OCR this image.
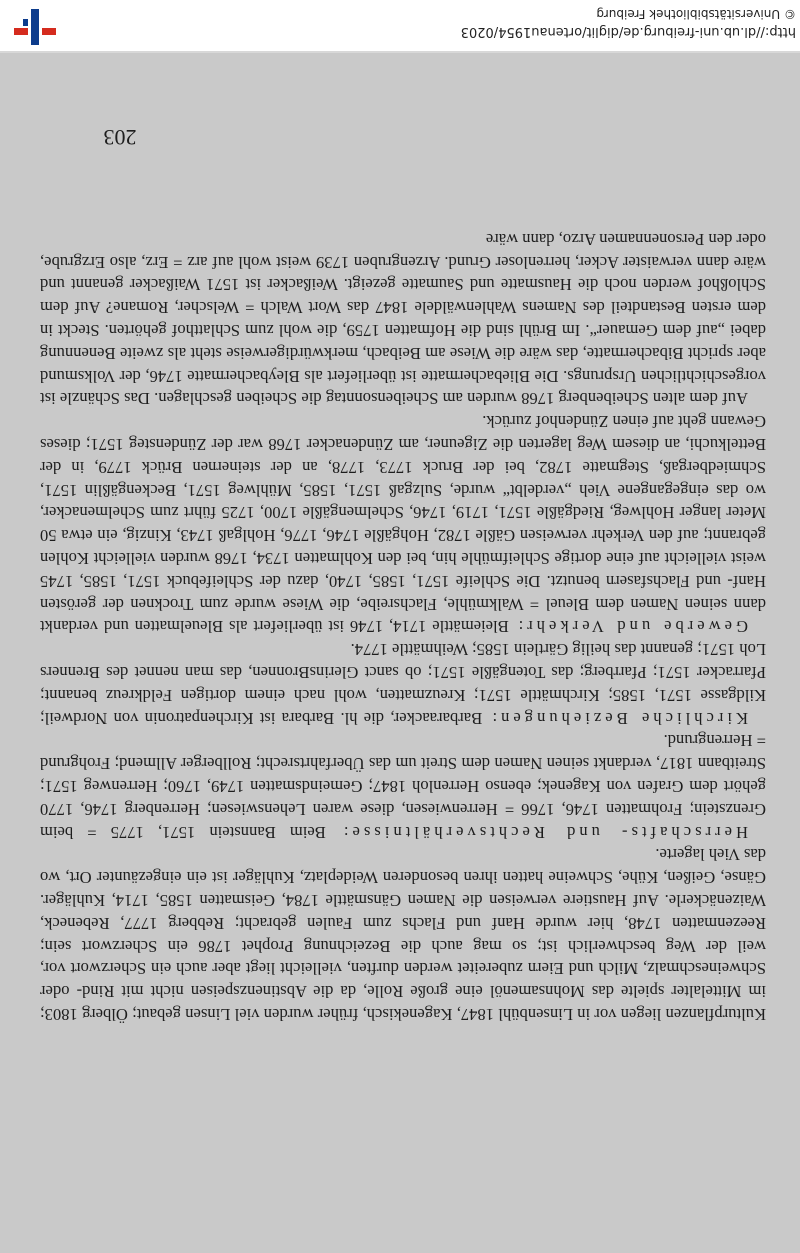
Kulturpflanzen liegen vor in Linsenbühl 1847, Kagenekisch, früher wurden viel Linsen gebaut; Ölberg 1803; im Mittelalter spielte das Mohnsamenöl eine große Rolle, da die Abstinenzspeisen nicht mit Rind- oder Schweineschmalz, Milch und Eiern zubereitet werden durften, vielleicht liegt aber auch ein Scherzwort vor, weil der Weg beschwerlich ist; so mag auch die Bezeichnung Prophet 1786 ein Scherzwort sein; Reezenmatten 1748, hier wurde Hanf und Flachs zum Faulen gebracht; Rebberg 1777, Rebeneck, Waizenäckerle. Auf Haustiere verweisen die Namen Gänsmättle 1784, Geismatten 1585, 1714, Kuhläger. Gänse, Geißen, Kühe, Schweine hatten ihren besonderen Weideplatz, Kuhläger ist ein eingezäunter Ort, wo das Vieh lagerte.

Herrschafts- und Rechtsverhältnisse: Beim Bannstein 1571, 1775 = beim Grenzstein; Frohmatten 1746, 1766 = Herrenwiesen, diese waren Lehenswiesen; Herrenberg 1746, 1770 gehört dem Grafen von Kagenek; ebenso Herrenloh 1847; Gemeindsmatten 1749, 1760; Herrenweg 1571; Streitbann 1817, verdankt seinen Namen dem Streit um das Überfahrtsrecht; Rollberger Allmend; Frohgrund = Herrengrund.

Kirchliche Beziehungen: Barbaraacker, die hl. Barbara ist Kirchenpatronin von Nordweil; Kildgasse 1571, 1585; Kirchmättle 1571; Kreuzmatten, wohl nach einem dortigen Feldkreuz benannt; Pfarracker 1571; Pfarrberg; das Totengäßle 1571; ob sanct GlerinsBronnen, das man nennet des Brenners Loh 1571; genannt das heilig Gärtlein 1585; Weihmättle 1774.

Gewerbe und Verkehr: Bleiemättle 1714, 1746 ist überliefert als Bleuelmatten und verdankt dann seinen Namen dem Bleuel = Walkmühle, Flachsreibe, die Wiese wurde zum Trocknen der gerösten Hanf- und Flachsfasern benutzt. Die Schleife 1571, 1585, 1740, dazu der Schleifebuck 1571, 1585, 1745 weist vielleicht auf eine dortige Schleifmühle hin, bei den Kohlmatten 1734, 1768 wurden vielleicht Kohlen gebrannt; auf den Verkehr verweisen Gäßle 1782, Hohgäßle 1746, 1776, Hohlgaß 1743, Kinzig, ein etwa 50 Meter langer Hohlweg, Riedgäßle 1571, 1719, 1746, Schelmengäßle 1700, 1725 führt zum Schelmenacker, wo das eingegangene Vieh „verdelbt“ wurde, Sulzgaß 1571, 1585, Mühlweg 1571, Beckengäßlin 1571, Schmiedbergaß, Stegmatte 1782, bei der Bruck 1773, 1778, an der steinernen Brück 1779, in der Bettelkuchi, an diesem Weg lagerten die Zigeuner, am Zündenacker 1768 war der Zündensteg 1571; dieses Gewann geht auf einen Zündenhof zurück.

Auf dem alten Scheibenberg 1768 wurden am Scheibensonntag die Scheiben geschlagen. Das Schänzle ist vorgeschichtlichen Ursprungs. Die Bliebachermatte ist überliefert als Bleybachermatte 1746, der Volksmund aber spricht Bibachermatte, das wäre die Wiese am Beibach, merkwürdigerweise steht als zweite Benennung dabei „auf dem Gemauer“. Im Brühl sind die Hofmatten 1759, die wohl zum Schlatthof gehörten. Steckt in dem ersten Bestandteil des Namens Wahlenwäldele 1847 das Wort Walch = Welscher, Romane? Auf dem Schloßhof werden noch die Hausmatte und Saumatte gezeigt. Weißacker ist 1571 Waißacker genannt und wäre dann verwaister Acker, herrenloser Grund. Arzengruben 1739 weist wohl auf arz = Erz, also Erzgrube, oder den Personennamen Arzo, dann wäre

203
http://dl.ub.uni-freiburg.de/diglit/ortenau1954/0203
© Universitätsbibliothek Freiburg
